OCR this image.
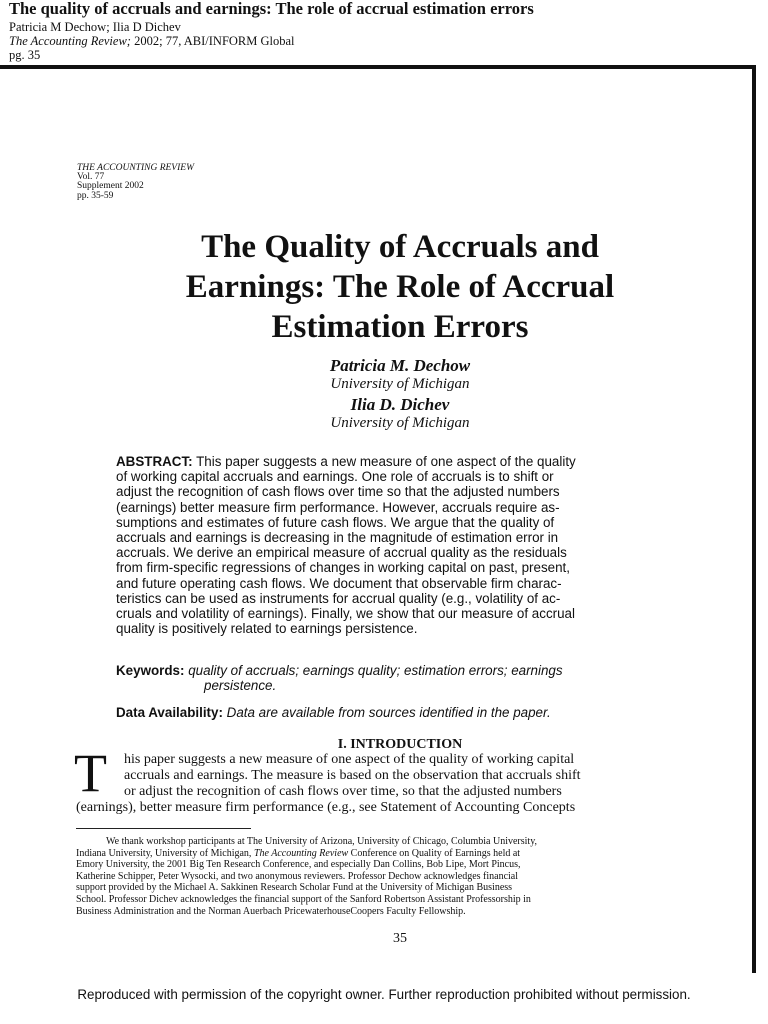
The quality of accruals and earnings: The role of accrual estimation errors
Patricia M Dechow; Ilia D Dichev
The Accounting Review; 2002; 77, ABI/INFORM Global
pg. 35
THE ACCOUNTING REVIEW
Vol. 77
Supplement 2002
pp. 35-59
The Quality of Accruals and
Earnings: The Role of Accrual
Estimation Errors
Patricia M. Dechow
University of Michigan
Ilia D. Dichev
University of Michigan
ABSTRACT: This paper suggests a new measure of one aspect of the quality
of working capital accruals and earnings. One role of accruals is to shift or
adjust the recognition of cash flows over time so that the adjusted numbers
(earnings) better measure firm performance. However, accruals require as-
sumptions and estimates of future cash flows. We argue that the quality of
accruals and earnings is decreasing in the magnitude of estimation error in
accruals. We derive an empirical measure of accrual quality as the residuals
from firm-specific regressions of changes in working capital on past, present,
and future operating cash flows. We document that observable firm charac-
teristics can be used as instruments for accrual quality (e.g., volatility of ac-
cruals and volatility of earnings). Finally, we show that our measure of accrual
quality is positively related to earnings persistence.
Keywords: quality of accruals; earnings quality; estimation errors; earnings
persistence.
Data Availability: Data are available from sources identified in the paper.
I. INTRODUCTION
T	his paper suggests a new measure of one aspect of the quality of working capital
accruals and earnings. The measure is based on the observation that accruals shift
or adjust the recognition of cash flows over time, so that the adjusted numbers
(earnings), better measure firm performance (e.g., see Statement of Accounting Concepts
We thank workshop participants at The University of Arizona, University of Chicago, Columbia University,
Indiana University, University of Michigan, The Accounting Review Conference on Quality of Earnings held at
Emory University, the 2001 Big Ten Research Conference, and especially Dan Collins, Bob Lipe, Mort Pincus,
Katherine Schipper, Peter Wysocki, and two anonymous reviewers. Professor Dechow acknowledges financial
support provided by the Michael A. Sakkinen Research Scholar Fund at the University of Michigan Business
School. Professor Dichev acknowledges the financial support of the Sanford Robertson Assistant Professorship in
Business Administration and the Norman Auerbach PricewaterhouseCoopers Faculty Fellowship.
35
Reproduced with permission of the copyright owner. Further reproduction prohibited without permission.
